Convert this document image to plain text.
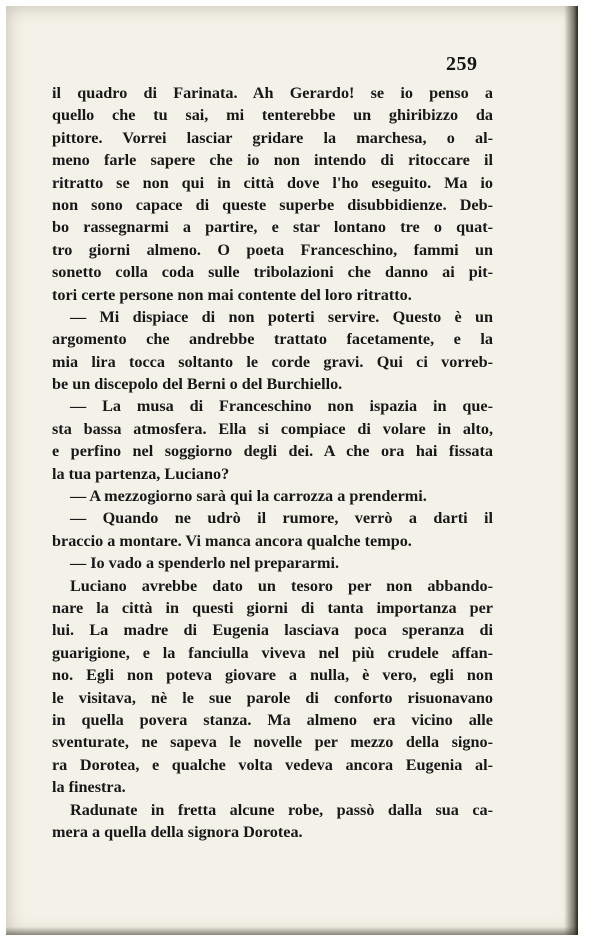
259
il quadro di Farinata. Ah Gerardo! se io penso a
quello che tu sai, mi tenterebbe un ghiribizzo da
pittore. Vorrei lasciar gridare la marchesa, o al-
meno farle sapere che io non intendo di ritoccare il
ritratto se non qui in città dove l'ho eseguito. Ma io
non sono capace di queste superbe disubbidienze. Deb-
bo rassegnarmi a partire, e star lontano tre o quat-
tro giorni almeno. O poeta Franceschino, fammi un
sonetto colla coda sulle tribolazioni che danno ai pit-
tori certe persone non mai contente del loro ritratto.
— Mi dispiace di non poterti servire. Questo è un
argomento che andrebbe trattato facetamente, e la
mia lira tocca soltanto le corde gravi. Qui ci vorreb-
be un discepolo del Berni o del Burchiello.
— La musa di Franceschino non ispazia in que-
sta bassa atmosfera. Ella si compiace di volare in alto,
e perfino nel soggiorno degli dei. A che ora hai fissata
la tua partenza, Luciano?
— A mezzogiorno sarà qui la carrozza a prendermi.
— Quando ne udrò il rumore, verrò a darti il
braccio a montare. Vi manca ancora qualche tempo.
— Io vado a spenderlo nel prepararmi.
Luciano avrebbe dato un tesoro per non abbando-
nare la città in questi giorni di tanta importanza per
lui. La madre di Eugenia lasciava poca speranza di
guarigione, e la fanciulla viveva nel più crudele affan-
no. Egli non poteva giovare a nulla, è vero, egli non
le visitava, nè le sue parole di conforto risuonavano
in quella povera stanza. Ma almeno era vicino alle
sventurate, ne sapeva le novelle per mezzo della signo-
ra Dorotea, e qualche volta vedeva ancora Eugenia al-
la finestra.
Radunate in fretta alcune robe, passò dalla sua ca-
mera a quella della signora Dorotea.
